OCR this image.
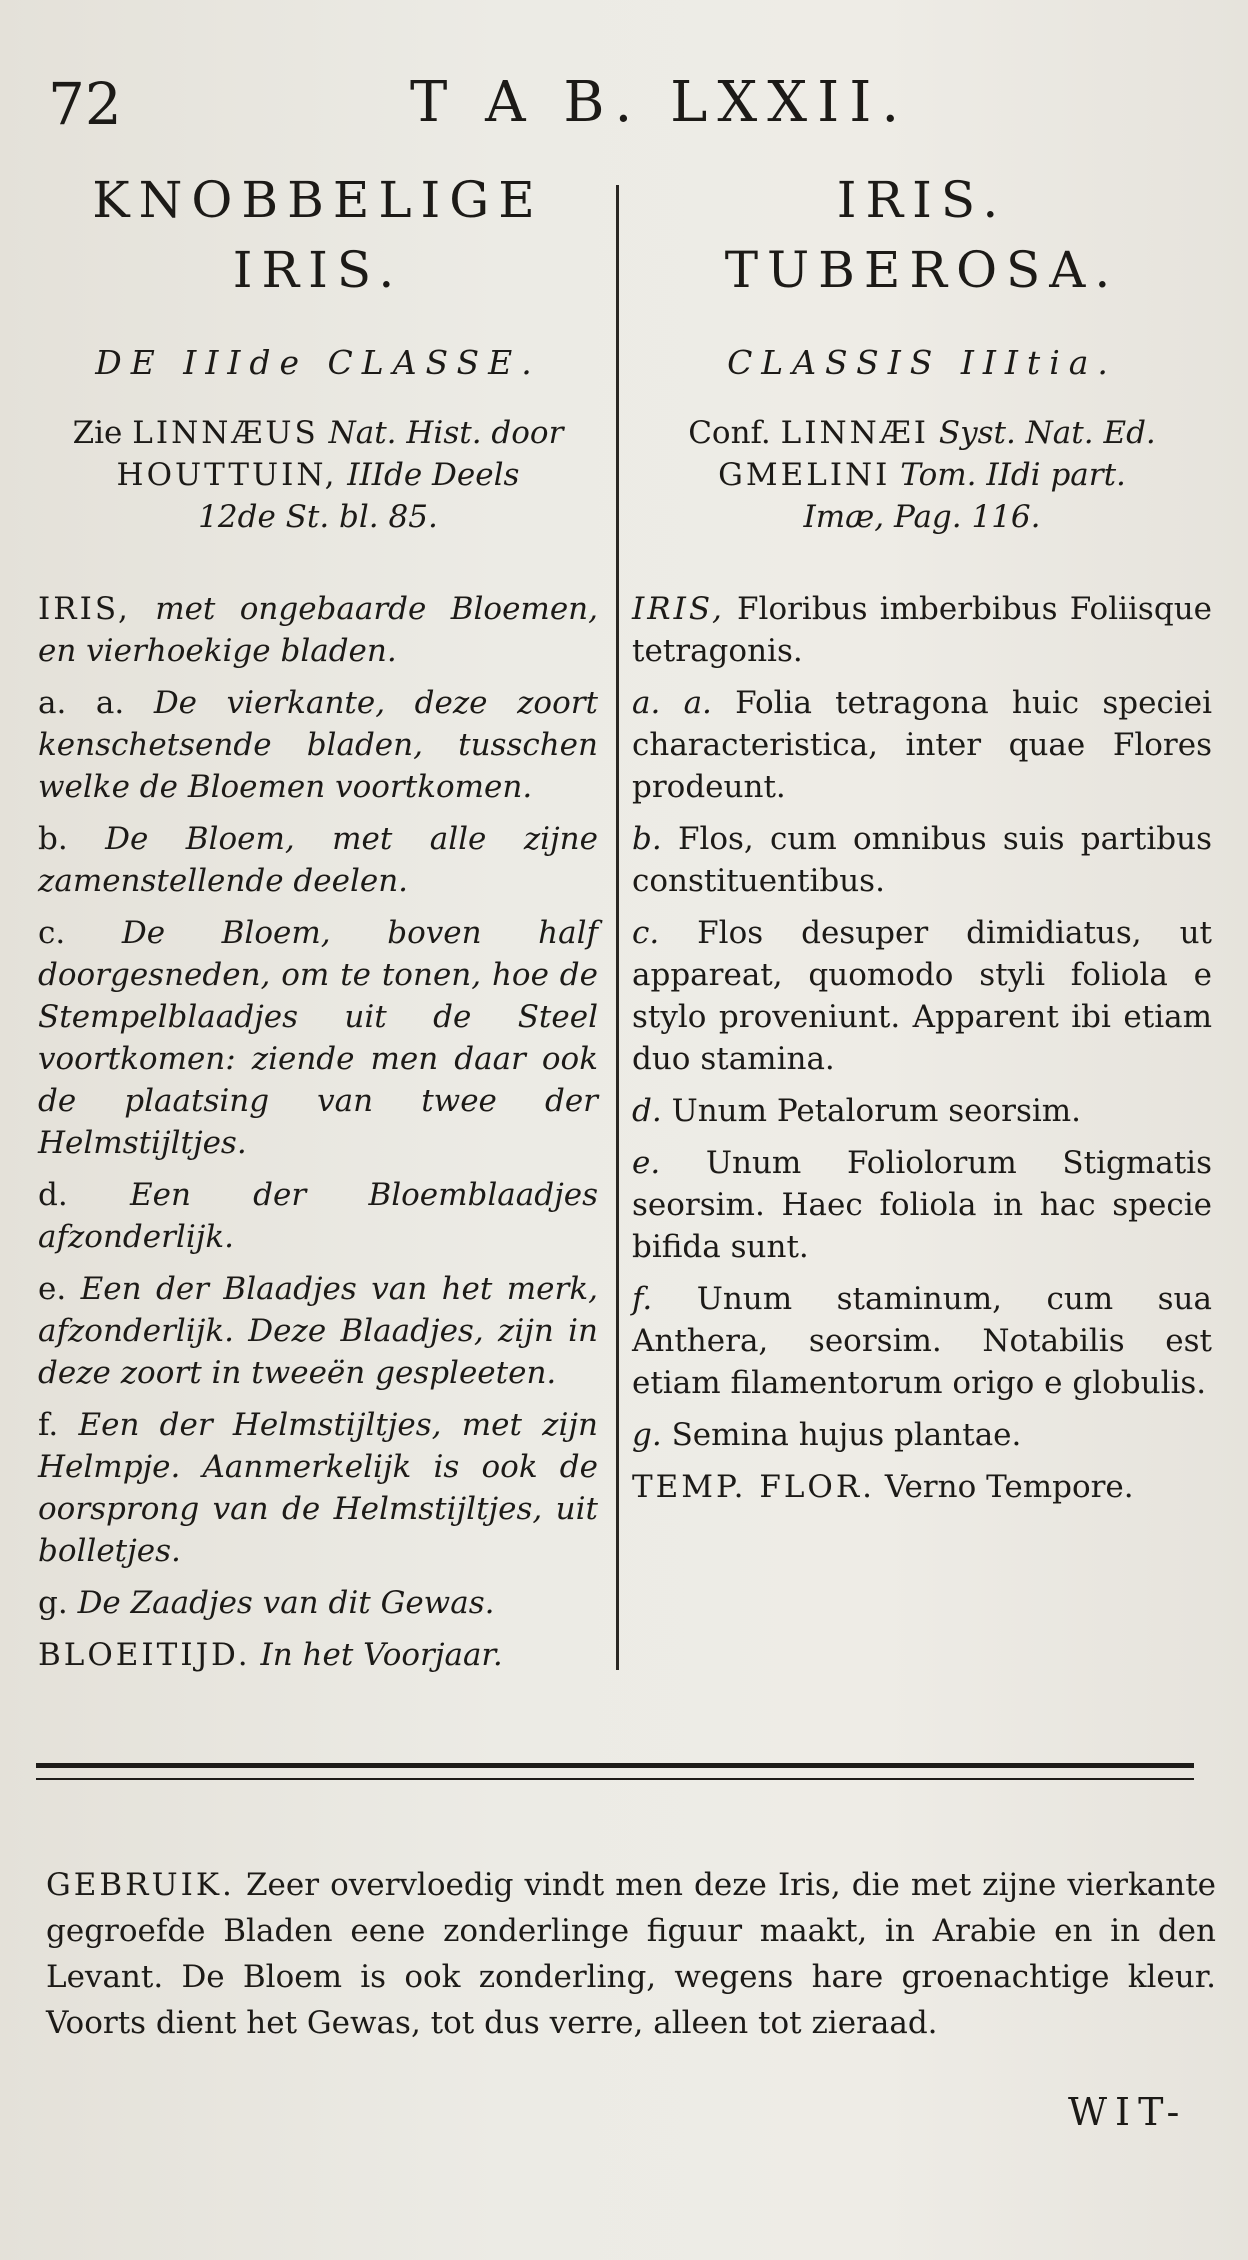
72	T A B. LXXII.
KNOBBELIGE
IRIS.
DE IIIde CLASSE.
Zie LINNÆUS Nat. Hist. door
HOUTTUIN, IIIde Deels
12de St. bl. 85.

IRIS, met ongebaarde Bloemen, en vierhoekige bladen.

a. a. De vierkante, deze zoort kenschetsende bladen, tusschen welke de Bloemen voortkomen.

b. De Bloem, met alle zijne zamenstellende deelen.

c. De Bloem, boven half doorgesneden, om te tonen, hoe de Stempelblaadjes uit de Steel voortkomen: ziende men daar ook de plaatsing van twee der Helmstijltjes.

d. Een der Bloemblaadjes afzonderlijk.

e. Een der Blaadjes van het merk, afzonderlijk. Deze Blaadjes, zijn in deze zoort in tweeën gespleeten.

f. Een der Helmstijltjes, met zijn Helmpje. Aanmerkelijk is ook de oorsprong van de Helmstijltjes, uit bolletjes.

g. De Zaadjes van dit Gewas.

BLOEITIJD. In het Voorjaar.
IRIS.
TUBEROSA.
CLASSIS IIItia.
Conf. LINNÆI Syst. Nat. Ed.
GMELINI Tom. IIdi part.
Imæ, Pag. 116.

IRIS, Floribus imberbibus Foliisque tetragonis.

a. a. Folia tetragona huic speciei characteristica, inter quae Flores prodeunt.

b. Flos, cum omnibus suis partibus constituentibus.

c. Flos desuper dimidiatus, ut appareat, quomodo styli foliola e stylo proveniunt. Apparent ibi etiam duo stamina.

d. Unum Petalorum seorsim.

e. Unum Foliolorum Stigmatis seorsim. Haec foliola in hac specie bifida sunt.

f. Unum staminum, cum sua Anthera, seorsim. Notabilis est etiam filamentorum origo e globulis.

g. Semina hujus plantae.

TEMP. FLOR. Verno Tempore.
GEBRUIK. Zeer overvloedig vindt men deze Iris, die met zijne vierkante gegroefde Bladen eene zonderlinge figuur maakt, in Arabie en in den Levant. De Bloem is ook zonderling, wegens hare groenachtige kleur. Voorts dient het Gewas, tot dus verre, alleen tot zieraad.
WIT-
